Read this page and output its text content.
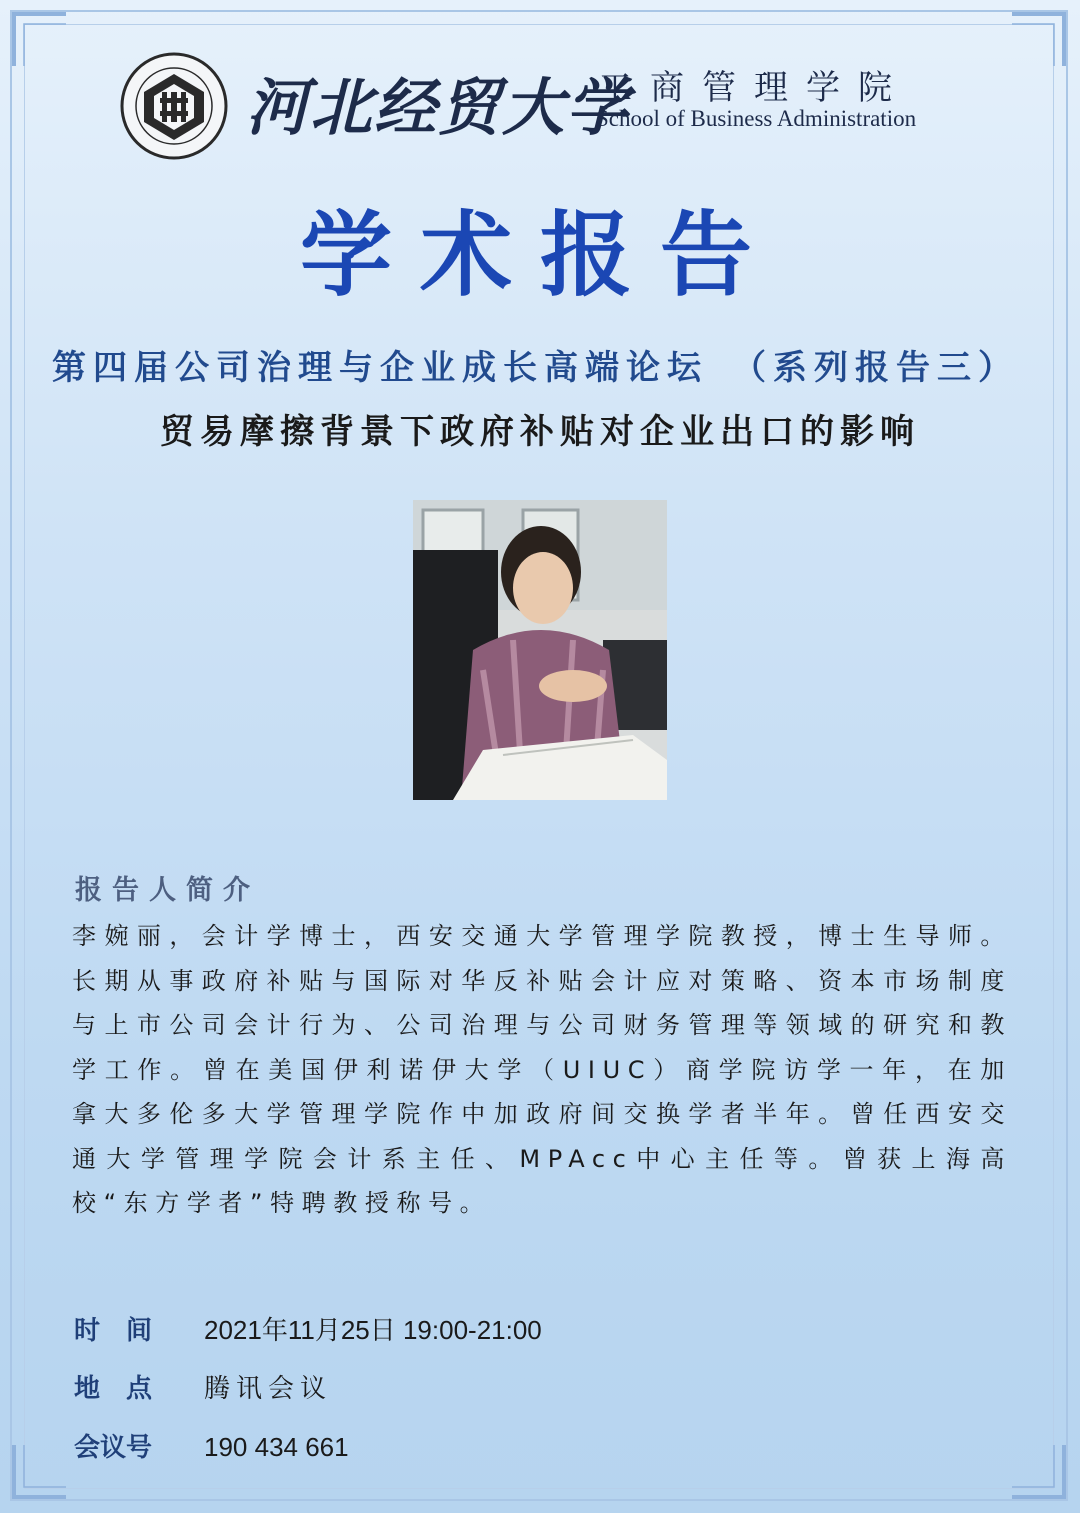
河北经贸大学
工商管理学院
School of Business Administration
学术报告
第四届公司治理与企业成长高端论坛　（系列报告三）
贸易摩擦背景下政府补贴对企业出口的影响
报告人简介
李婉丽，会计学博士，西安交通大学管理学院教授，博士生导师。长期从事政府补贴与国际对华反补贴会计应对策略、资本市场制度与上市公司会计行为、公司治理与公司财务管理等领域的研究和教学工作。曾在美国伊利诺伊大学（UIUC）商学院访学一年，在加拿大多伦多大学管理学院作中加政府间交换学者半年。曾任西安交通大学管理学院会计系主任、MPAcc中心主任等。曾获上海高校“东方学者”特聘教授称号。
时　间 2021年11月25日 19:00-21:00
地　点 腾讯会议
会议号 190 434 661
